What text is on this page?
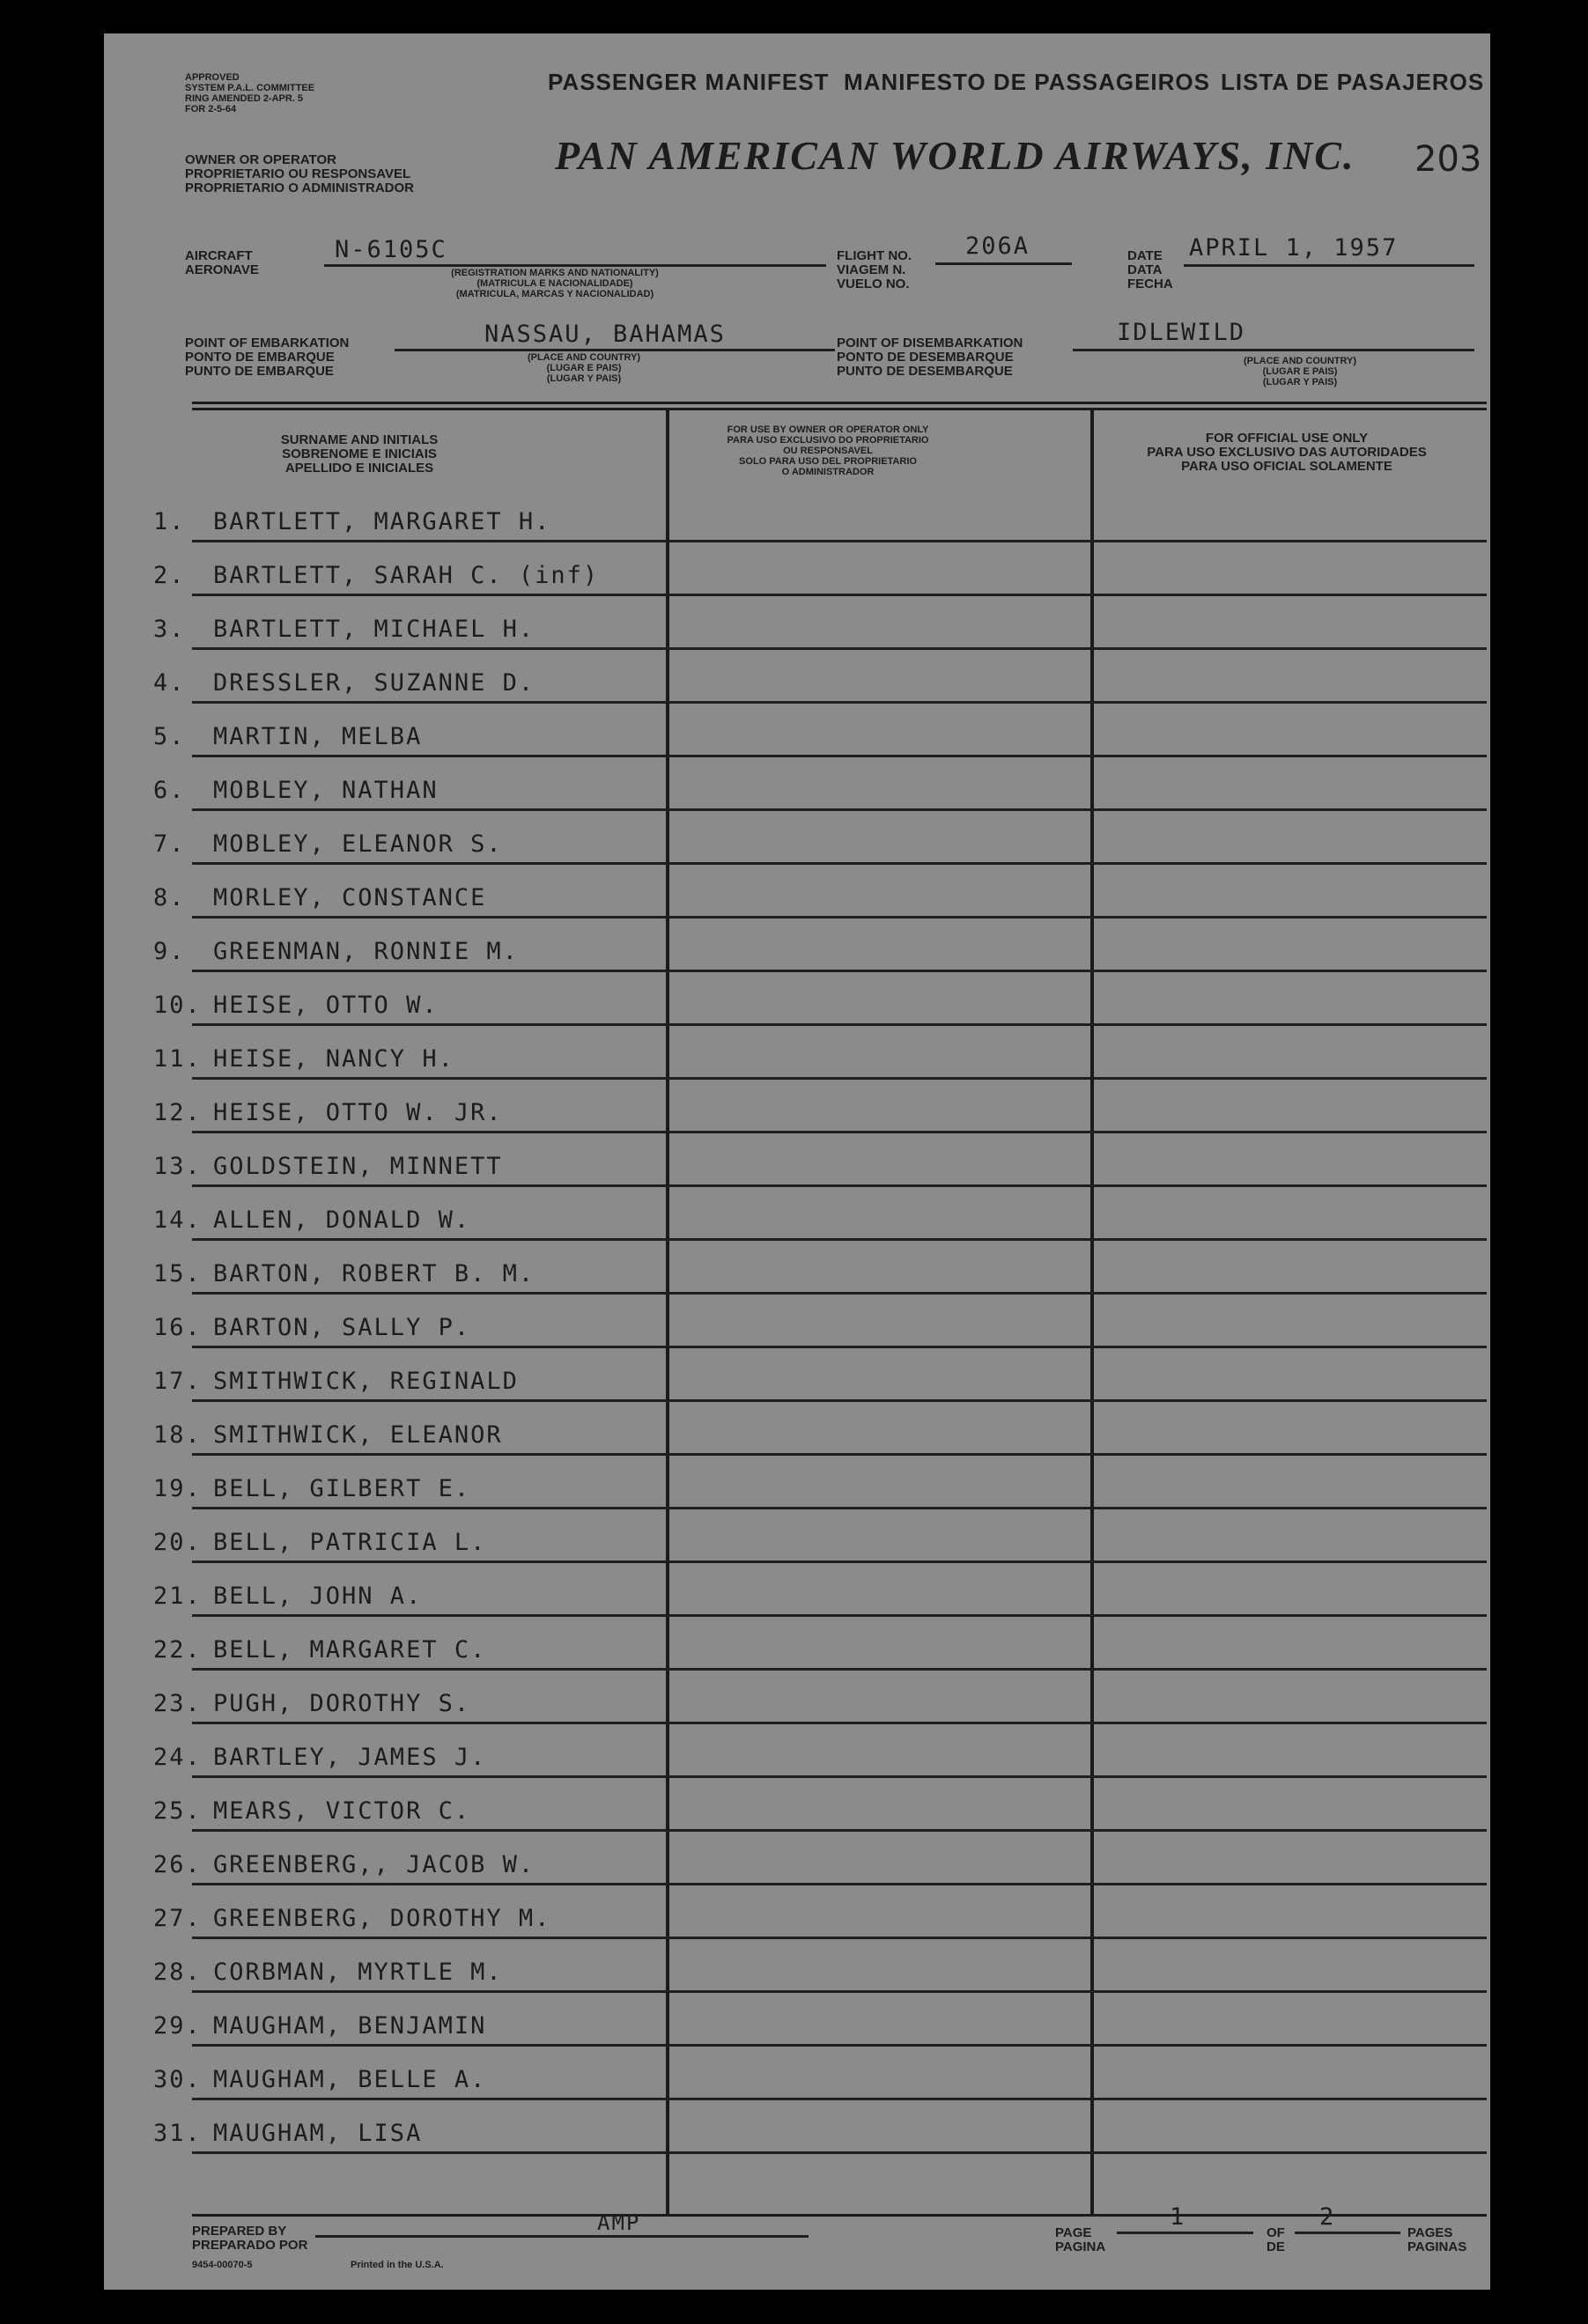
APPROVED
SYSTEM P.A.L. COMMITTEE
RING AMENDED 2-APR. 5
FOR 2-5-64
OWNER OR OPERATOR
PROPRIETARIO OU RESPONSAVEL
PROPRIETARIO O ADMINISTRADOR
PASSENGER MANIFEST MANIFESTO DE PASSAGEIROS LISTA DE PASAJEROS
PAN AMERICAN WORLD AIRWAYS, INC. 203
AIRCRAFT
AERONAVE
N-6105C
(REGISTRATION MARKS AND NATIONALITY)
(MATRICULA E NACIONALIDADE)
(MATRICULA, MARCAS Y NACIONALIDAD)
FLIGHT NO.
VIAGEM N.
VUELO NO.
206A	DATE
DATA
FECHA
APRIL 1, 1957
POINT OF EMBARKATION
PONTO DE EMBARQUE
PUNTO DE EMBARQUE
NASSAU, BAHAMAS
(PLACE AND COUNTRY)
(LUGAR E PAIS)
(LUGAR Y PAIS)
POINT OF DISEMBARKATION
PONTO DE DESEMBARQUE
PUNTO DE DESEMBARQUE
IDLEWILD
(PLACE AND COUNTRY)
(LUGAR E PAIS)
(LUGAR Y PAIS)
SURNAME AND INITIALS
SOBRENOME E INICIAIS
APELLIDO E INICIALES
FOR USE BY OWNER OR OPERATOR ONLY
PARA USO EXCLUSIVO DO PROPRIETARIO
OU RESPONSAVEL
SOLO PARA USO DEL PROPRIETARIO
O ADMINISTRADOR
FOR OFFICIAL USE ONLY
PARA USO EXCLUSIVO DAS AUTORIDADES
PARA USO OFICIAL SOLAMENTE
1. BARTLETT, MARGARET H.
2. BARTLETT, SARAH C. (inf)
3. BARTLETT, MICHAEL H.
4. DRESSLER, SUZANNE D.
5. MARTIN, MELBA
6. MOBLEY, NATHAN
7. MOBLEY, ELEANOR S.
8. MORLEY, CONSTANCE
9. GREENMAN, RONNIE M.
10. HEISE, OTTO W.
11. HEISE, NANCY H.
12. HEISE, OTTO W. JR.
13. GOLDSTEIN, MINNETT
14. ALLEN, DONALD W.
15. BARTON, ROBERT B. M.
16. BARTON, SALLY P.
17. SMITHWICK, REGINALD
18. SMITHWICK, ELEANOR
19. BELL, GILBERT E.
20. BELL, PATRICIA L.
21. BELL, JOHN A.
22. BELL, MARGARET C.
23. PUGH, DOROTHY S.
24. BARTLEY, JAMES J.
25. MEARS, VICTOR C.
26. GREENBERG,, JACOB W.
27. GREENBERG, DOROTHY M.
28. CORBMAN, MYRTLE M.
29. MAUGHAM, BENJAMIN
30. MAUGHAM, BELLE A.
31. MAUGHAM, LISA
PREPARED BY
PREPARADO POR
AMP
9454-00070-5	Printed in the U.S.A.
PAGE
PAGINA
1
OF
DE
2
PAGES
PAGINAS
